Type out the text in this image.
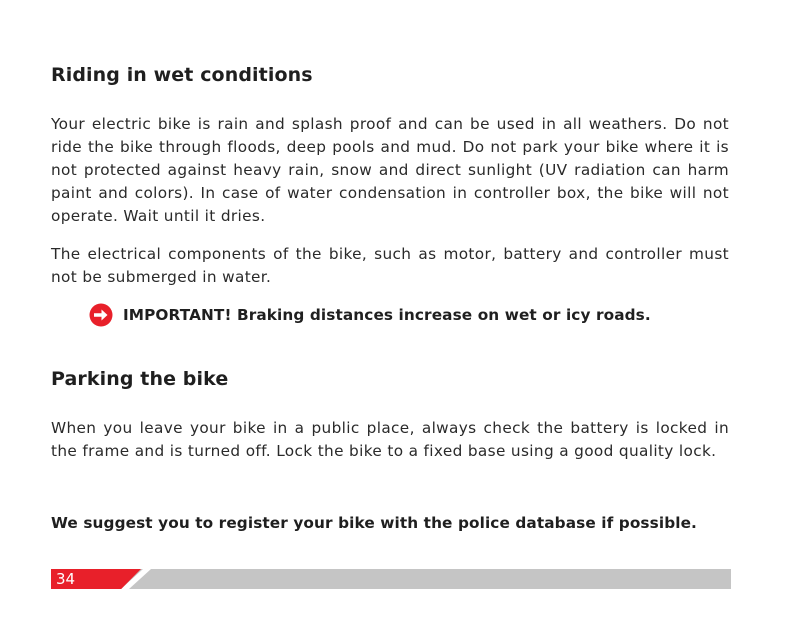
Riding in wet conditions

Your electric bike is rain and splash proof and can be used in all weathers. Do not ride the bike through floods, deep pools and mud. Do not park your bike where it is not protected against heavy rain, snow and direct sunlight (UV radiation can harm paint and colors). In case of water condensation in controller box, the bike will not operate. Wait until it dries.

The electrical components of the bike, such as motor, battery and controller must not be submerged in water.

IMPORTANT! Braking distances increase on wet or icy roads.
Parking the bike

When you leave your bike in a public place, always check the battery is locked in the frame and is turned off. Lock the bike to a fixed base using a good quality lock.

We suggest you to register your bike with the police database if possible.
34
